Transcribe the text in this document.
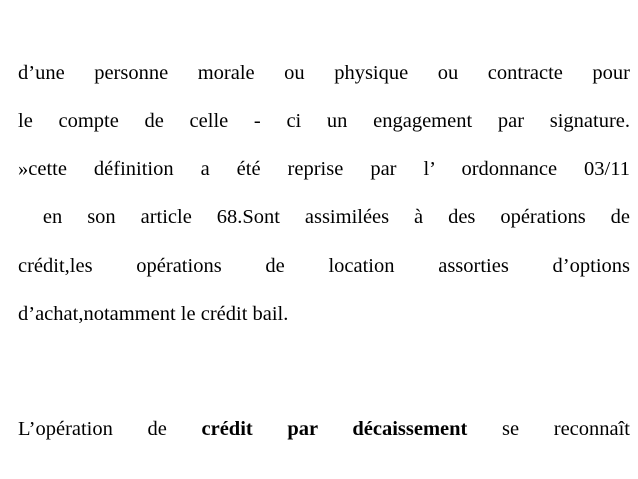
d’une personne morale ou physique ou contracte pour
le compte de celle - ci un engagement par signature.
»cette définition a été reprise par l’ ordonnance 03/11
en son article 68.Sont assimilées à des opérations de
crédit,les opérations de location assorties d’options
d’achat,notamment le crédit bail.
L’opération de crédit par décaissement se reconnaît
